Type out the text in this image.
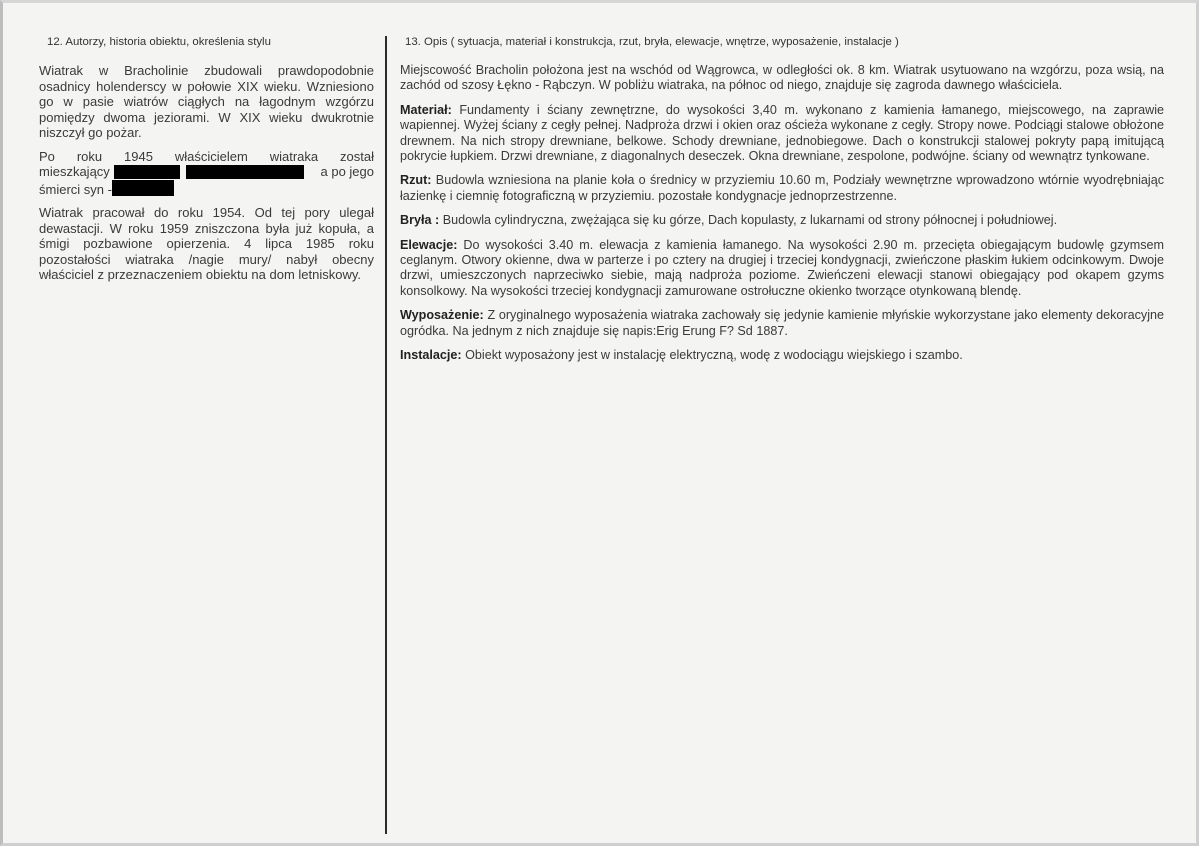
12. Autorzy, historia obiektu, określenia stylu

Wiatrak w Bracholinie zbudowali prawdopodobnie osadnicy holenderscy w połowie XIX wieku. Wzniesiono go w pasie wiatrów ciągłych na łagodnym wzgórzu pomiędzy dwoma jeziorami. W XIX wieku dwukrotnie niszczył go pożar.

Po roku 1945 właścicielem wiatraka został
mieszkający	a po jego
śmierci syn -

Wiatrak pracował do roku 1954. Od tej pory ulegał dewastacji. W roku 1959 zniszczona była już kopuła, a śmigi pozbawione opierzenia. 4 lipca 1985 roku pozostałości wiatraka /nagie mury/ nabył obecny właściciel z przeznaczeniem obiektu na dom letniskowy.

13. Opis ( sytuacja, materiał i konstrukcja, rzut, bryła, elewacje, wnętrze, wyposażenie, instalacje )

Miejscowość Bracholin położona jest na wschód od Wągrowca, w odległości ok. 8 km. Wiatrak usytuowano na wzgórzu, poza wsią, na zachód od szosy Łękno - Rąbczyn. W pobliżu wiatraka, na północ od niego, znajduje się zagroda dawnego właściciela.

Materiał: Fundamenty i ściany zewnętrzne, do wysokości 3,40 m. wykonano z kamienia łamanego, miejscowego, na zaprawie wapiennej. Wyżej ściany z cegły pełnej. Nadproża drzwi i okien oraz ościeża wykonane z cegły. Stropy nowe. Podciągi stalowe obłożone drewnem. Na nich stropy drewniane, belkowe. Schody drewniane, jednobiegowe. Dach o konstrukcji stalowej pokryty papą imitującą pokrycie łupkiem. Drzwi drewniane, z diagonalnych deseczek. Okna drewniane, zespolone, podwójne. ściany od wewnątrz tynkowane.

Rzut: Budowla wzniesiona na planie koła o średnicy w przyziemiu 10.60 m, Podziały wewnętrzne wprowadzono wtórnie wyodrębniając łazienkę i ciemnię fotograficzną w przyziemiu. pozostałe kondygnacje jednoprzestrzenne.

Bryła : Budowla cylindryczna, zwężająca się ku górze, Dach kopulasty, z lukarnami od strony północnej i południowej.

Elewacje: Do wysokości 3.40 m. elewacja z kamienia łamanego. Na wysokości 2.90 m. przecięta obiegającym budowlę gzymsem ceglanym. Otwory okienne, dwa w parterze i po cztery na drugiej i trzeciej kondygnacji, zwieńczone płaskim łukiem odcinkowym. Dwoje drzwi, umieszczonych naprzeciwko siebie, mają nadproża poziome. Zwieńczeni elewacji stanowi obiegający pod okapem gzyms konsolkowy. Na wysokości trzeciej kondygnacji zamurowane ostrołuczne okienko tworzące otynkowaną blendę.

Wyposażenie: Z oryginalnego wyposażenia wiatraka zachowały się jedynie kamienie młyńskie wykorzystane jako elementy dekoracyjne ogródka. Na jednym z nich znajduje się napis:Erig Erung F? Sd 1887.

Instalacje: Obiekt wyposażony jest w instalację elektryczną, wodę z wodociągu wiejskiego i szambo.
